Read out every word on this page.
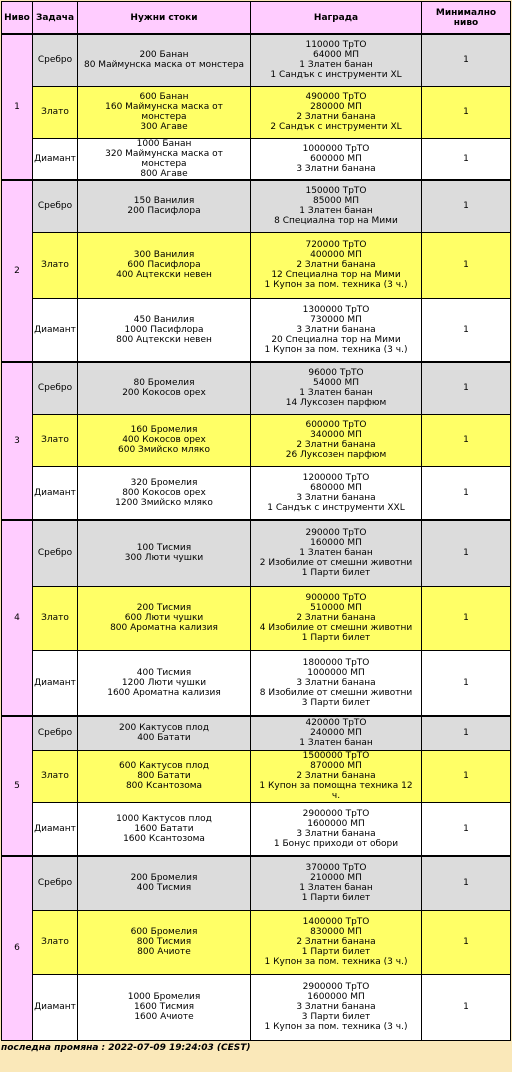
Ниво	Задача	Нужни стоки	Награда	Минимално ниво
1	Сребро	200 Банан
80 Маймунска маска от монстера	110000 ТрТО
64000 МП
1 Златен банан
1 Сандък с инструменти XL	1
	Злато	600 Банан
160 Маймунска маска от
монстера
300 Агаве	490000 ТрТО
280000 МП
2 Златни банана
2 Сандък с инструменти XL	1
	Диамант	1000 Банан
320 Маймунска маска от
монстера
800 Агаве	1000000 ТрТО
600000 МП
3 Златни банана	1
2	Сребро	150 Ванилия
200 Пасифлора	150000 ТрТО
85000 МП
1 Златен банан
8 Специална тор на Мими	1
	Злато	300 Ванилия
600 Пасифлора
400 Ацтекски невен	720000 ТрТО
400000 МП
2 Златни банана
12 Специална тор на Мими
1 Купон за пом. техника (3 ч.)	1
	Диамант	450 Ванилия
1000 Пасифлора
800 Ацтекски невен	1300000 ТрТО
730000 МП
3 Златни банана
20 Специална тор на Мими
1 Купон за пом. техника (3 ч.)	1
3	Сребро	80 Бромелия
200 Кокосов орех	96000 ТрТО
54000 МП
1 Златен банан
14 Луксозен парфюм	1
	Злато	160 Бромелия
400 Кокосов орех
600 Змийско мляко	600000 ТрТО
340000 МП
2 Златни банана
26 Луксозен парфюм	1
	Диамант	320 Бромелия
800 Кокосов орех
1200 Змийско мляко	1200000 ТрТО
680000 МП
3 Златни банана
1 Сандък с инструменти XXL	1
4	Сребро	100 Тисмия
300 Люти чушки	290000 ТрТО
160000 МП
1 Златен банан
2 Изобилие от смешни животни
1 Парти билет	1
	Злато	200 Тисмия
600 Люти чушки
800 Ароматна кализия	900000 ТрТО
510000 МП
2 Златни банана
4 Изобилие от смешни животни
1 Парти билет	1
	Диамант	400 Тисмия
1200 Люти чушки
1600 Ароматна кализия	1800000 ТрТО
1000000 МП
3 Златни банана
8 Изобилие от смешни животни
3 Парти билет	1
5	Сребро	200 Кактусов плод
400 Батати	420000 ТрТО
240000 МП
1 Златен банан	1
	Злато	600 Кактусов плод
800 Батати
800 Ксантозома	1500000 ТрТО
870000 МП
2 Златни банана
1 Купон за помощна техника 12
ч.	1
	Диамант	1000 Кактусов плод
1600 Батати
1600 Ксантозома	2900000 ТрТО
1600000 МП
3 Златни банана
1 Бонус приходи от обори	1
6	Сребро	200 Бромелия
400 Тисмия	370000 ТрТО
210000 МП
1 Златен банан
1 Парти билет	1
	Злато	600 Бромелия
800 Тисмия
800 Ачиоте	1400000 ТрТО
830000 МП
2 Златни банана
1 Парти билет
1 Купон за пом. техника (3 ч.)	1
	Диамант	1000 Бромелия
1600 Тисмия
1600 Ачиоте	2900000 ТрТО
1600000 МП
3 Златни банана
3 Парти билет
1 Купон за пом. техника (3 ч.)	1
последна промяна : 2022-07-09 19:24:03 (CEST)
